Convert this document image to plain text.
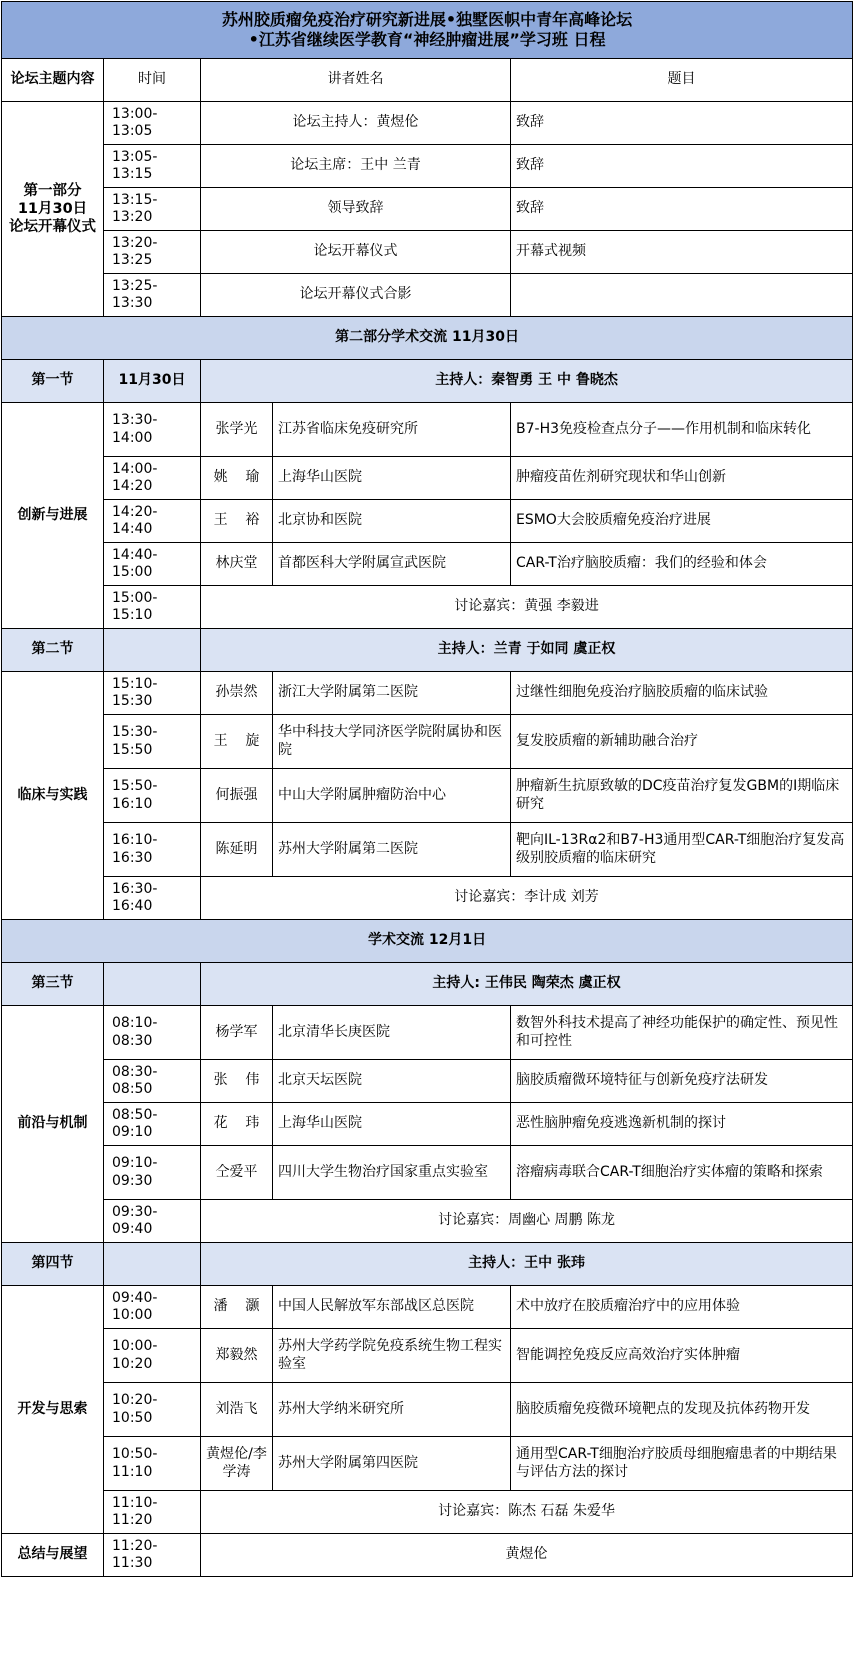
苏州胶质瘤免疫治疗研究新进展•独墅医帜中青年高峰论坛
•江苏省继续医学教育“神经肿瘤进展”学习班 日程				

论坛主题内容	时间	讲者姓名		题目
第一部分
11月30日
论坛开幕仪式	13:00-13:05	论坛主持人：黄煜伦		致辞
	13:05-13:15	论坛主席：王中 兰青		致辞
	13:15-13:20	领导致辞		致辞
	13:20-13:25	论坛开幕仪式		开幕式视频
	13:25-13:30	论坛开幕仪式合影		
第二部分学术交流 11月30日				
第一节	11月30日	主持人：秦智勇 王 中 鲁晓杰		
创新与进展	13:30-14:00	张学光	江苏省临床免疫研究所	B7-H3免疫检查点分子——作用机制和临床转化
	14:00-14:20	姚    瑜	上海华山医院	肿瘤疫苗佐剂研究现状和华山创新
	14:20-14:40	王    裕	北京协和医院	ESMO大会胶质瘤免疫治疗进展
	14:40-15:00	林庆堂	首都医科大学附属宣武医院	CAR-T治疗脑胶质瘤：我们的经验和体会
	15:00-15:10	讨论嘉宾：黄强 李毅进		
第二节		主持人：兰青 于如同 虞正权		
临床与实践	15:10-15:30	孙崇然	浙江大学附属第二医院	过继性细胞免疫治疗脑胶质瘤的临床试验
	15:30-15:50	王    旋	华中科技大学同济医学院附属协和医院	复发胶质瘤的新辅助融合治疗
	15:50-16:10	何振强	中山大学附属肿瘤防治中心	肿瘤新生抗原致敏的DC疫苗治疗复发GBM的I期临床研究
	16:10-16:30	陈延明	苏州大学附属第二医院	靶向IL-13Rα2和B7-H3通用型CAR-T细胞治疗复发高级别胶质瘤的临床研究
	16:30-16:40	讨论嘉宾：李计成 刘芳		
学术交流 12月1日				
第三节		主持人: 王伟民 陶荣杰 虞正权		
前沿与机制	08:10-08:30	杨学军	北京清华长庚医院	数智外科技术提高了神经功能保护的确定性、预见性和可控性
	08:30-08:50	张    伟	北京天坛医院	脑胶质瘤微环境特征与创新免疫疗法研发
	08:50-09:10	花    玮	上海华山医院	恶性脑肿瘤免疫逃逸新机制的探讨
	09:10-09:30	仝爱平	四川大学生物治疗国家重点实验室	溶瘤病毒联合CAR-T细胞治疗实体瘤的策略和探索
	09:30-09:40	讨论嘉宾：周幽心 周鹏 陈龙		
第四节		主持人：王中 张玮		
开发与思索	09:40-10:00	潘    灏	中国人民解放军东部战区总医院	术中放疗在胶质瘤治疗中的应用体验
	10:00-10:20	郑毅然	苏州大学药学院免疫系统生物工程实验室	智能调控免疫反应高效治疗实体肿瘤
	10:20-10:50	刘浩飞	苏州大学纳米研究所	脑胶质瘤免疫微环境靶点的发现及抗体药物开发
	10:50-11:10	黄煜伦/李学涛	苏州大学附属第四医院	通用型CAR-T细胞治疗胶质母细胞瘤患者的中期结果与评估方法的探讨
	11:10-11:20	讨论嘉宾：陈杰 石磊 朱爱华		
总结与展望	11:20-11:30	黄煜伦		
